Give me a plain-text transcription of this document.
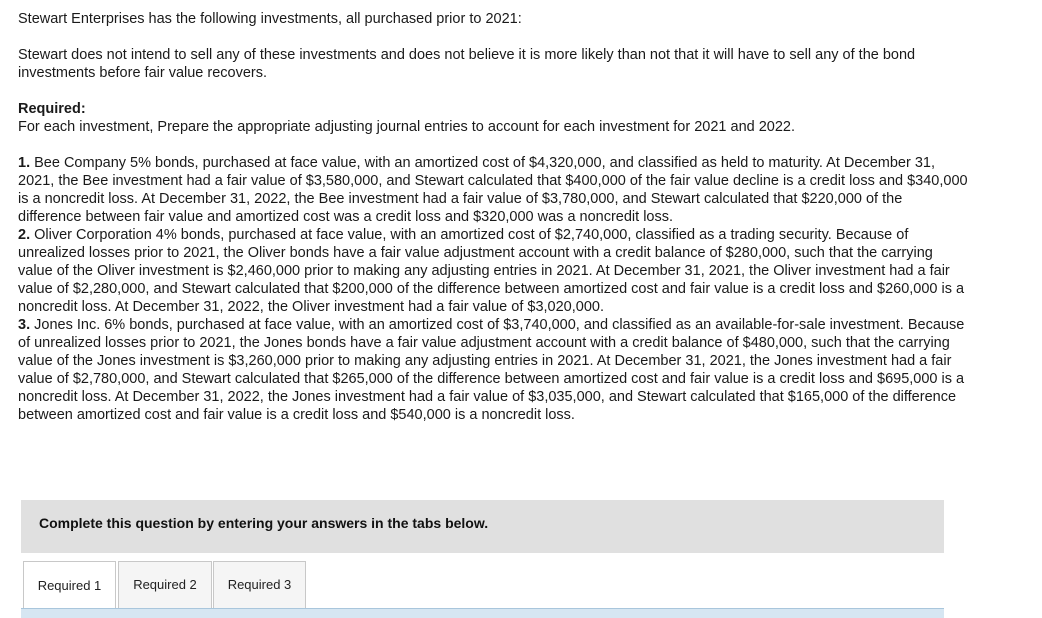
Stewart Enterprises has the following investments, all purchased prior to 2021:

Stewart does not intend to sell any of these investments and does not believe it is more likely than not that it will have to sell any of the bond investments before fair value recovers.

Required:

For each investment, Prepare the appropriate adjusting journal entries to account for each investment for 2021 and 2022.

1. Bee Company 5% bonds, purchased at face value, with an amortized cost of $4,320,000, and classified as held to maturity. At December 31, 2021, the Bee investment had a fair value of $3,580,000, and Stewart calculated that $400,000 of the fair value decline is a credit loss and $340,000 is a noncredit loss. At December 31, 2022, the Bee investment had a fair value of $3,780,000, and Stewart calculated that $220,000 of the difference between fair value and amortized cost was a credit loss and $320,000 was a noncredit loss.

2. Oliver Corporation 4% bonds, purchased at face value, with an amortized cost of $2,740,000, classified as a trading security. Because of unrealized losses prior to 2021, the Oliver bonds have a fair value adjustment account with a credit balance of $280,000, such that the carrying value of the Oliver investment is $2,460,000 prior to making any adjusting entries in 2021. At December 31, 2021, the Oliver investment had a fair value of $2,280,000, and Stewart calculated that $200,000 of the difference between amortized cost and fair value is a credit loss and $260,000 is a noncredit loss. At December 31, 2022, the Oliver investment had a fair value of $3,020,000.

3. Jones Inc. 6% bonds, purchased at face value, with an amortized cost of $3,740,000, and classified as an available-for-sale investment. Because of unrealized losses prior to 2021, the Jones bonds have a fair value adjustment account with a credit balance of $480,000, such that the carrying value of the Jones investment is $3,260,000 prior to making any adjusting entries in 2021. At December 31, 2021, the Jones investment had a fair value of $2,780,000, and Stewart calculated that $265,000 of the difference between amortized cost and fair value is a credit loss and $695,000 is a noncredit loss. At December 31, 2022, the Jones investment had a fair value of $3,035,000, and Stewart calculated that $165,000 of the difference between amortized cost and fair value is a credit loss and $540,000 is a noncredit loss.

Complete this question by entering your answers in the tabs below.
Required 1	Required 2	Required 3
